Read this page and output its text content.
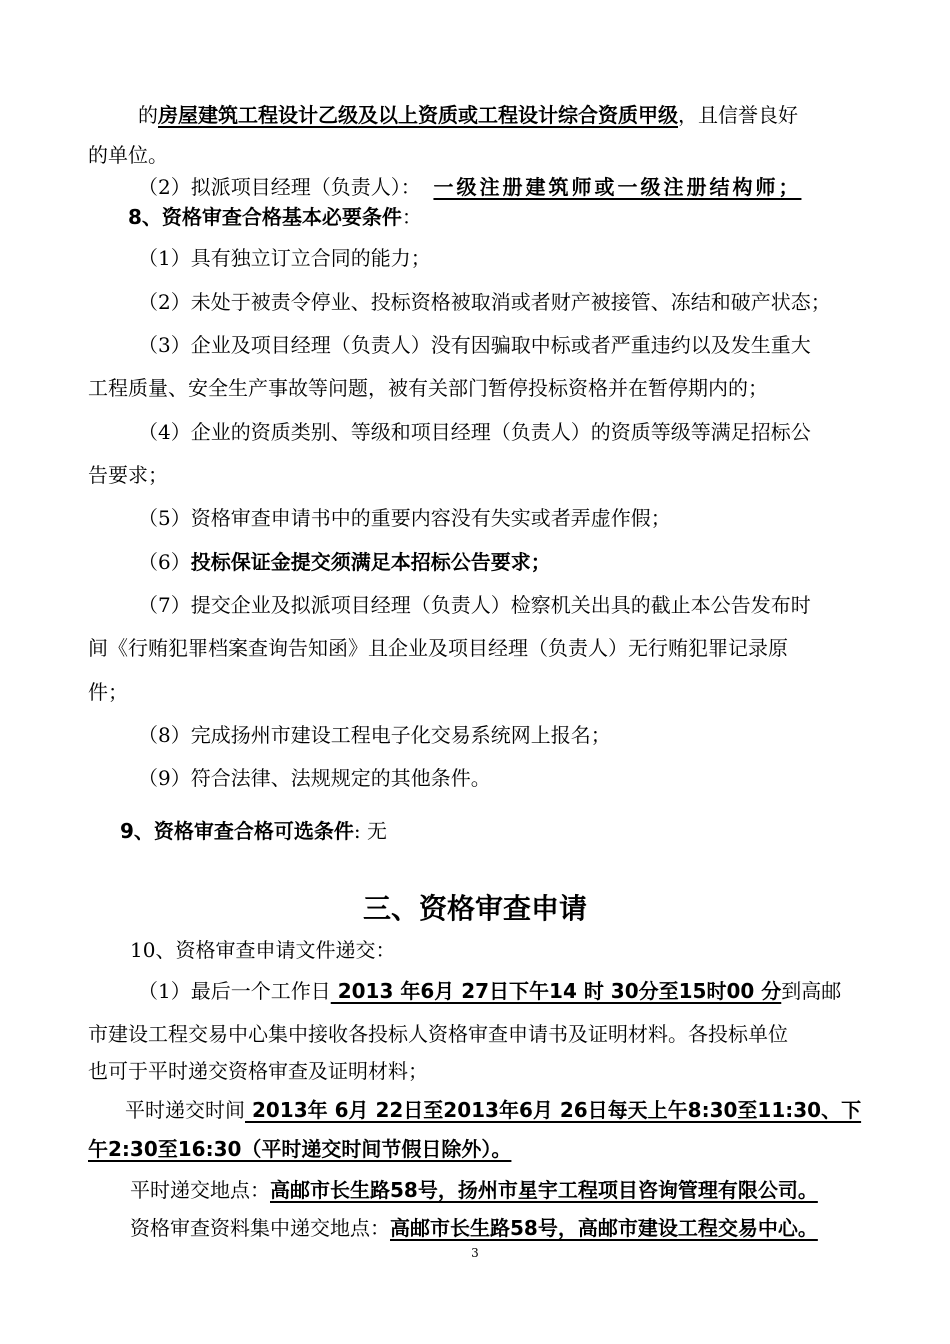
的房屋建筑工程设计乙级及以上资质或工程设计综合资质甲级，且信誉良好
的单位。
（2）拟派项目经理（负责人）： 一级注册建筑师或一级注册结构师；
8、资格审查合格基本必要条件：
（1）具有独立订立合同的能力；
（2）未处于被责令停业、投标资格被取消或者财产被接管、冻结和破产状态；
（3）企业及项目经理（负责人）没有因骗取中标或者严重违约以及发生重大
工程质量、安全生产事故等问题，被有关部门暂停投标资格并在暂停期内的；
（4）企业的资质类别、等级和项目经理（负责人）的资质等级等满足招标公
告要求；
（5）资格审查申请书中的重要内容没有失实或者弄虚作假；
（6）投标保证金提交须满足本招标公告要求；
（7）提交企业及拟派项目经理（负责人）检察机关出具的截止本公告发布时
间《行贿犯罪档案查询告知函》且企业及项目经理（负责人）无行贿犯罪记录原
件；
（8）完成扬州市建设工程电子化交易系统网上报名；
（9）符合法律、法规规定的其他条件。
9、资格审查合格可选条件: 无
三、资格审查申请
10、资格审查申请文件递交：
（1）最后一个工作日 2013 年6月 27日下午14 时 30分至15时00 分到高邮
市建设工程交易中心集中接收各投标人资格审查申请书及证明材料。各投标单位
也可于平时递交资格审查及证明材料；
平时递交时间 2013年 6月 22日至2013年6月 26日每天上午8:30至11:30、下
午2:30至16:30（平时递交时间节假日除外）。
平时递交地点：高邮市长生路58号，扬州市星宇工程项目咨询管理有限公司。
资格审查资料集中递交地点：高邮市长生路58号，高邮市建设工程交易中心。
3
